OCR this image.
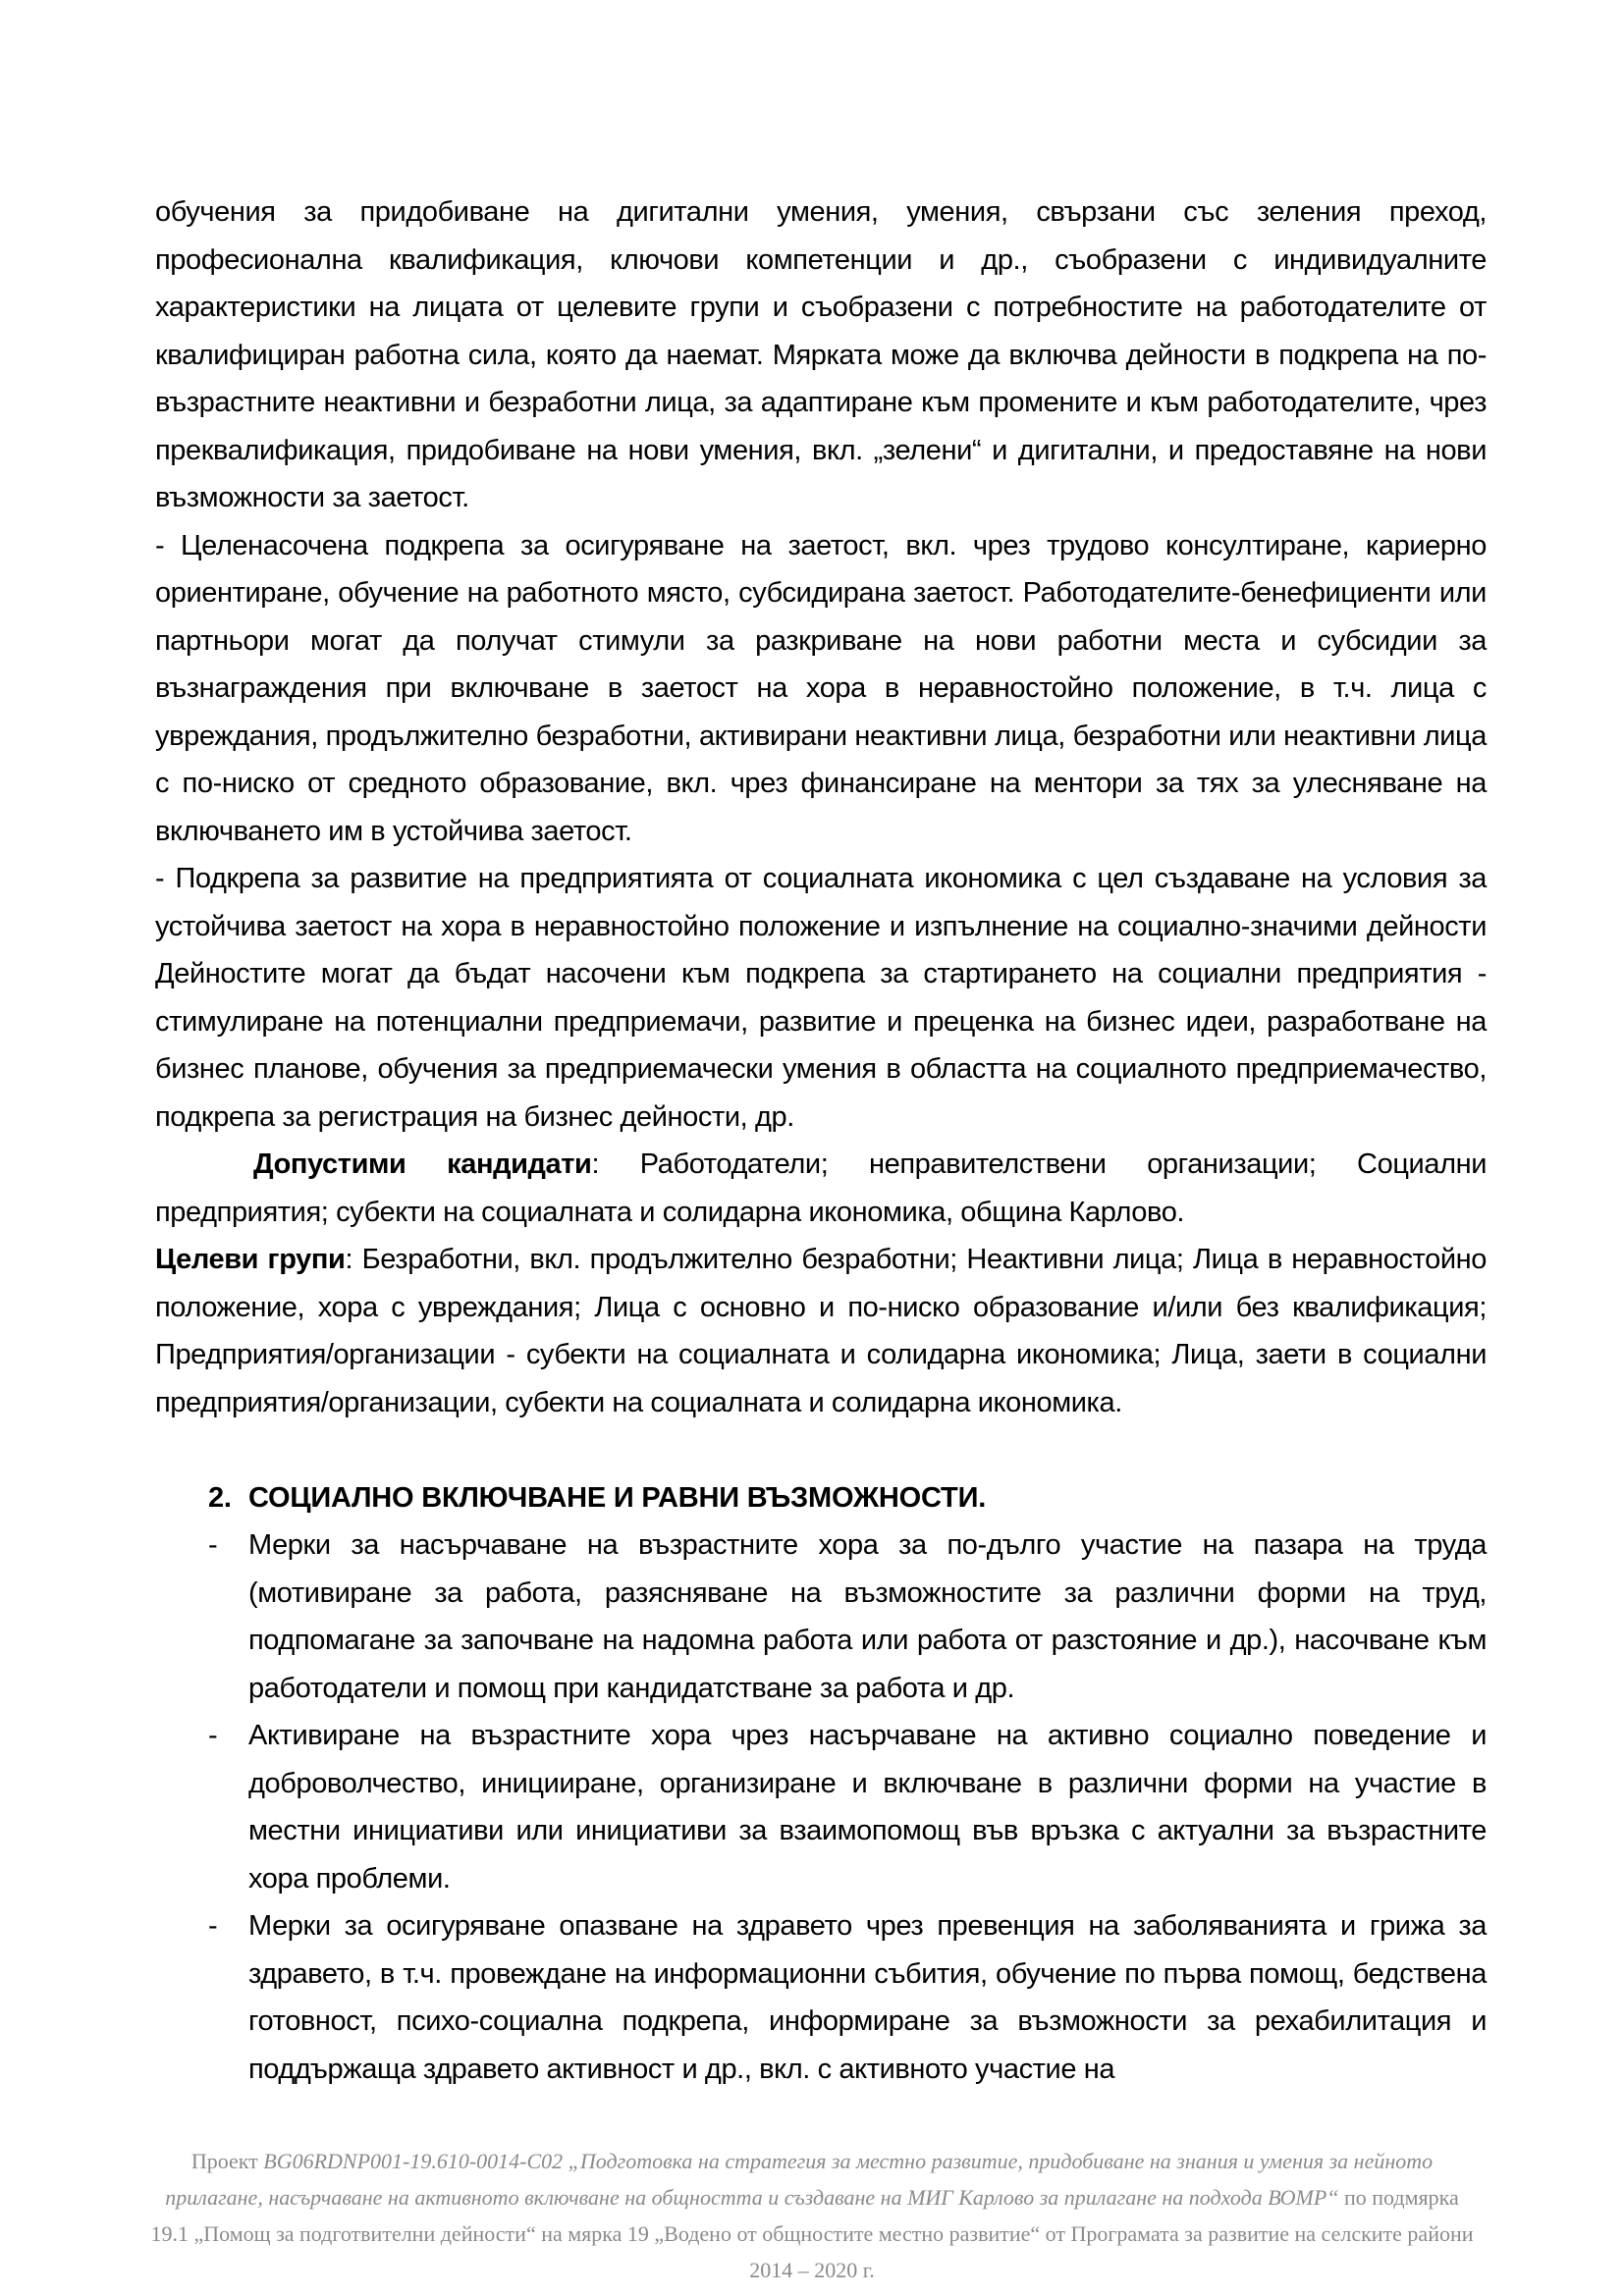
обучения за придобиване на дигитални умения, умения, свързани със зеления преход, професионална квалификация, ключови компетенции и др., съобразени с индивидуалните характеристики на лицата от целевите групи и съобразени с потребностите на работодателите от квалифициран работна сила, която да наемат. Мярката може да включва дейности в подкрепа на по-възрастните неактивни и безработни лица, за адаптиране към промените и към работодателите, чрез преквалификация, придобиване на нови умения, вкл. „зелени“ и дигитални, и предоставяне на нови възможности за заетост.

- Целенасочена подкрепа за осигуряване на заетост, вкл. чрез трудово консултиране, кариерно ориентиране, обучение на работното място, субсидирана заетост. Работодателите-бенефициенти или партньори могат да получат стимули за разкриване на нови работни места и субсидии за възнаграждения при включване в заетост на хора в неравностойно положение, в т.ч. лица с увреждания, продължително безработни, активирани неактивни лица, безработни или неактивни лица с по-ниско от средното образование, вкл. чрез финансиране на ментори за тях за улесняване на включването им в устойчива заетост.

- Подкрепа за развитие на предприятията от социалната икономика с цел създаване на условия за устойчива заетост на хора в неравностойно положение и изпълнение на социално-значими дейности Дейностите могат да бъдат насочени към подкрепа за стартирането на социални предприятия - стимулиране на потенциални предприемачи, развитие и преценка на бизнес идеи, разработване на бизнес планове, обучения за предприемачески умения в областта на социалното предприемачество, подкрепа за регистрация на бизнес дейности, др.

Допустими кандидати: Работодатели; неправителствени организации; Социални предприятия; субекти на социалната и солидарна икономика, община Карлово.

Целеви групи: Безработни, вкл. продължително безработни; Неактивни лица; Лица в неравностойно положение, хора с увреждания; Лица с основно и по-ниско образование и/или без квалификация; Предприятия/организации - субекти на социалната и солидарна икономика; Лица, заети в социални предприятия/организации, субекти на социалната и солидарна икономика.

2. СОЦИАЛНО ВКЛЮЧВАНЕ И РАВНИ ВЪЗМОЖНОСТИ.
-	Мерки за насърчаване на възрастните хора за по-дълго участие на пазара на труда (мотивиране за работа, разясняване на възможностите за различни форми на труд, подпомагане за започване на надомна работа или работа от разстояние и др.), насочване към работодатели и помощ при кандидатстване за работа и др.
-	Активиране на възрастните хора чрез насърчаване на активно социално поведение и доброволчество, иницииране, организиране и включване в различни форми на участие в местни инициативи или инициативи за взаимопомощ във връзка с актуални за възрастните хора проблеми.
-	Мерки за осигуряване опазване на здравето чрез превенция на заболяванията и грижа за здравето, в т.ч. провеждане на информационни събития, обучение по първа помощ, бедствена готовност, психо-социална подкрепа, информиране за възможности за рехабилитация и поддържаща здравето активност и др., вкл. с активното участие на
Проект BG06RDNP001-19.610-0014-C02 „Подготовка на стратегия за местно развитие, придобиване на знания и умения за нейното прилагане, насърчаване на активното включване на общността и създаване на МИГ Карлово за прилагане на подхода ВОМР“ по подмярка 19.1 „Помощ за подготвителни дейности“ на мярка 19 „Водено от общностите местно развитие“ от Програмата за развитие на селските райони 2014 – 2020 г.
